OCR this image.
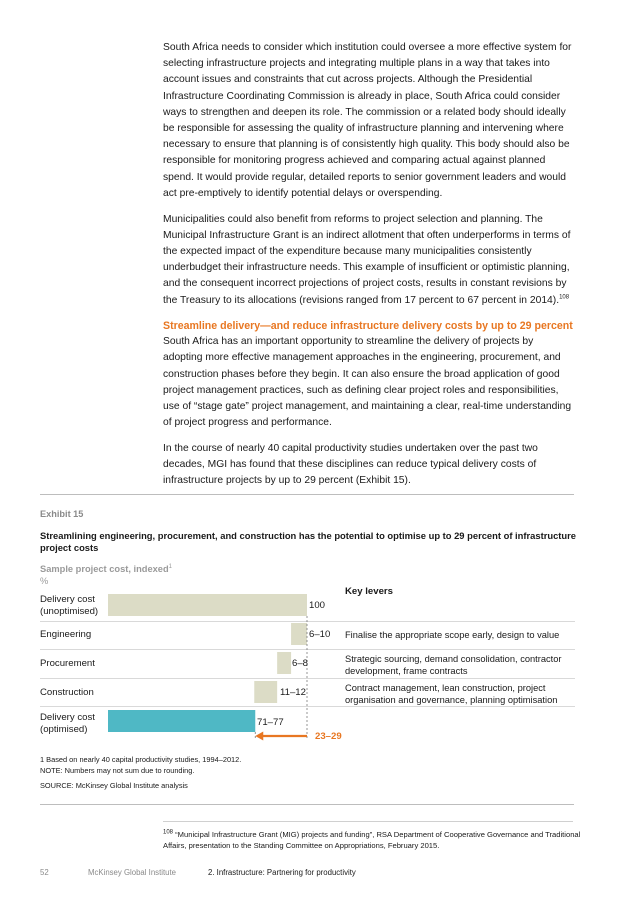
South Africa needs to consider which institution could oversee a more effective system for selecting infrastructure projects and integrating multiple plans in a way that takes into account issues and constraints that cut across projects. Although the Presidential Infrastructure Coordinating Commission is already in place, South Africa could consider ways to strengthen and deepen its role. The commission or a related body should ideally be responsible for assessing the quality of infrastructure planning and intervening where necessary to ensure that planning is of consistently high quality. This body should also be responsible for monitoring progress achieved and comparing actual against planned spend. It would provide regular, detailed reports to senior government leaders and would act pre-emptively to identify potential delays or overspending.

Municipalities could also benefit from reforms to project selection and planning. The Municipal Infrastructure Grant is an indirect allotment that often underperforms in terms of the expected impact of the expenditure because many municipalities consistently underbudget their infrastructure needs. This example of insufficient or optimistic planning, and the consequent incorrect projections of project costs, results in constant revisions by the Treasury to its allocations (revisions ranged from 17 percent to 67 percent in 2014).$^{108}$

Streamline delivery—and reduce infrastructure delivery costs by up to 29 percent

South Africa has an important opportunity to streamline the delivery of projects by adopting more effective management approaches in the engineering, procurement, and construction phases before they begin. It can also ensure the broad application of good project management practices, such as defining clear project roles and responsibilities, use of “stage gate” project management, and maintaining a clear, real-time understanding of project progress and performance.

In the course of nearly 40 capital productivity studies undertaken over the past two decades, MGI has found that these disciplines can reduce typical delivery costs of infrastructure projects by up to 29 percent (Exhibit 15).

Exhibit 15
Streamlining engineering, procurement, and construction has the potential to optimise up to 29 percent of infrastructure project costs
Sample project cost, indexed$^1$
%
Key levers
Delivery cost
(unoptimised)
Engineering
Procurement
Construction
Delivery cost
(optimised)
100
6–10
6–8
11–12
71–77
23–29
Finalise the appropriate scope early, design to value
Strategic sourcing, demand consolidation, contractor
development, frame contracts
Contract management, lean construction, project
organisation and governance, planning optimisation
1 Based on nearly 40 capital productivity studies, 1994–2012.
NOTE: Numbers may not sum due to rounding.
SOURCE: McKinsey Global Institute analysis
$^{108}$ “Municipal Infrastructure Grant (MIG) projects and funding”, RSA Department of Cooperative Governance and Traditional Affairs, presentation to the Standing Committee on Appropriations, February 2015.
52	McKinsey Global Institute	2. Infrastructure: Partnering for productivity
